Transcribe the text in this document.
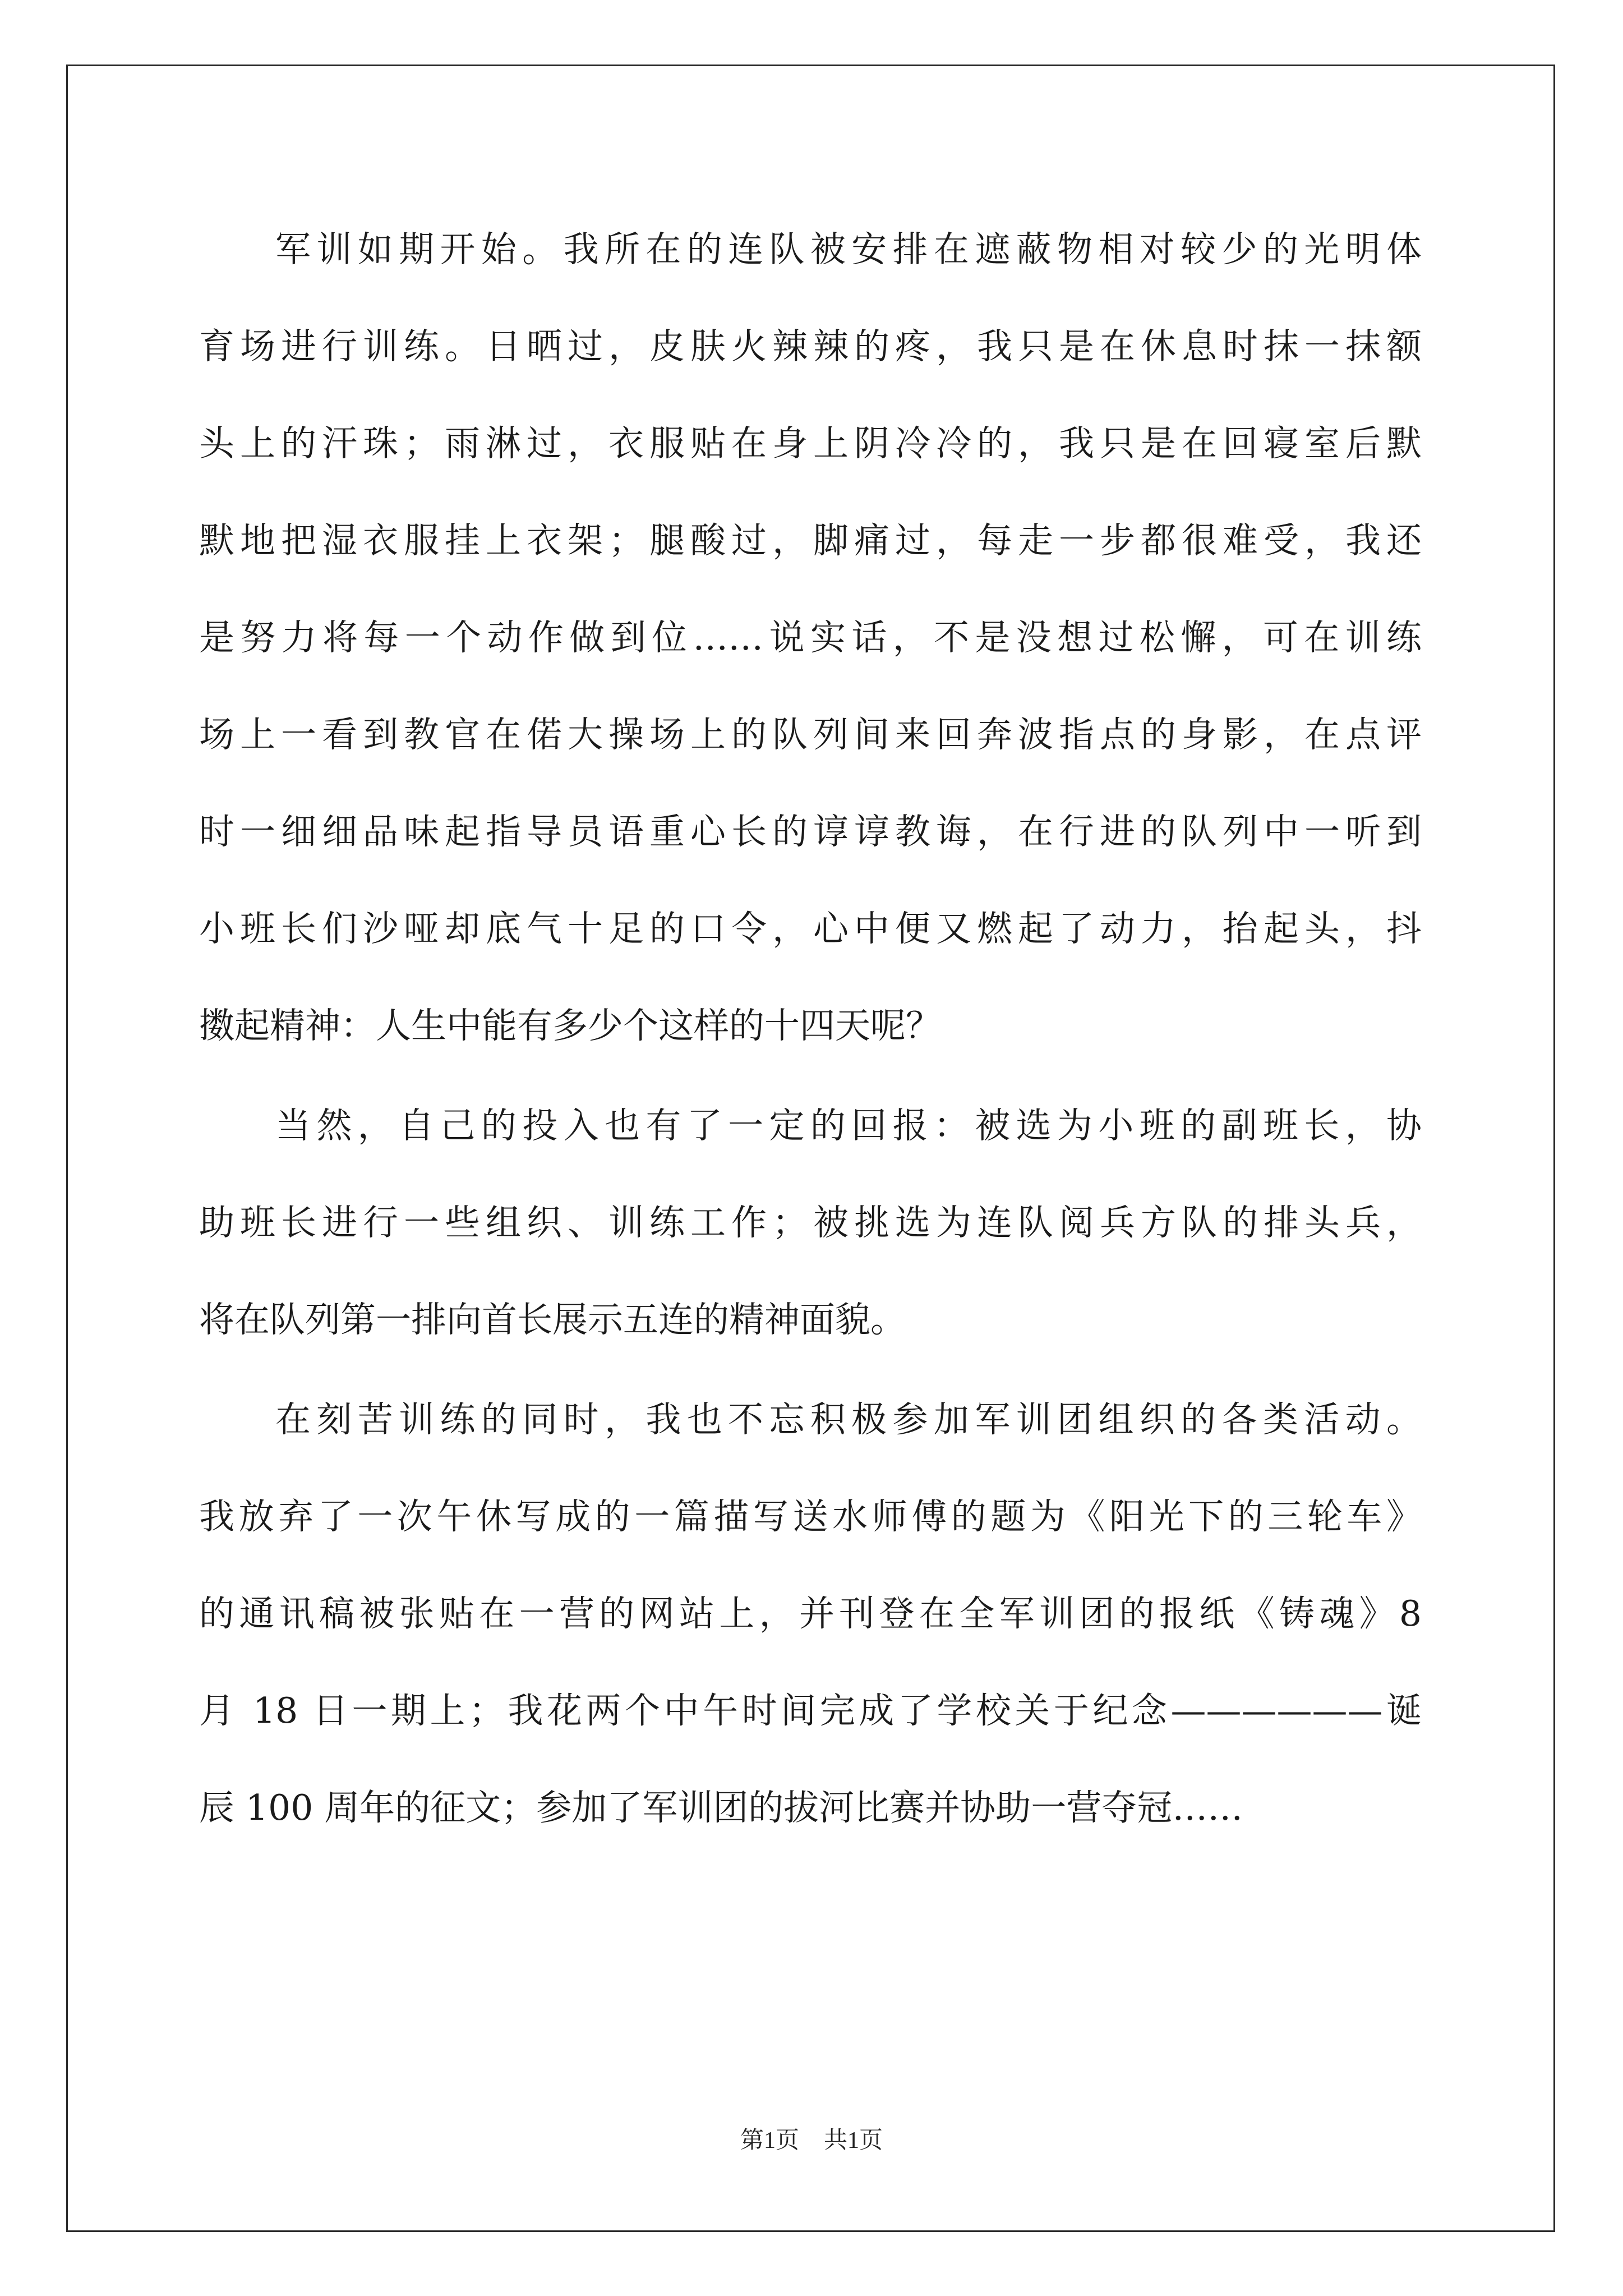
军训如期开始。我所在的连队被安排在遮蔽物相对较少的光明体
育场进行训练。日晒过，皮肤火辣辣的疼，我只是在休息时抹一抹额
头上的汗珠；雨淋过，衣服贴在身上阴冷冷的，我只是在回寝室后默
默地把湿衣服挂上衣架；腿酸过，脚痛过，每走一步都很难受，我还
是努力将每一个动作做到位……说实话，不是没想过松懈，可在训练
场上一看到教官在偌大操场上的队列间来回奔波指点的身影，在点评
时一细细品味起指导员语重心长的谆谆教诲，在行进的队列中一听到
小班长们沙哑却底气十足的口令，心中便又燃起了动力，抬起头，抖
擞起精神：人生中能有多少个这样的十四天呢？
当然，自己的投入也有了一定的回报：被选为小班的副班长，协
助班长进行一些组织、训练工作；被挑选为连队阅兵方队的排头兵，
将在队列第一排向首长展示五连的精神面貌。
在刻苦训练的同时，我也不忘积极参加军训团组织的各类活动。
我放弃了一次午休写成的一篇描写送水师傅的题为《阳光下的三轮车》
的通讯稿被张贴在一营的网站上，并刊登在全军训团的报纸《铸魂》8
月 18 日一期上；我花两个中午时间完成了学校关于纪念——————诞
辰 100 周年的征文；参加了军训团的拔河比赛并协助一营夺冠……
第1页 共1页
